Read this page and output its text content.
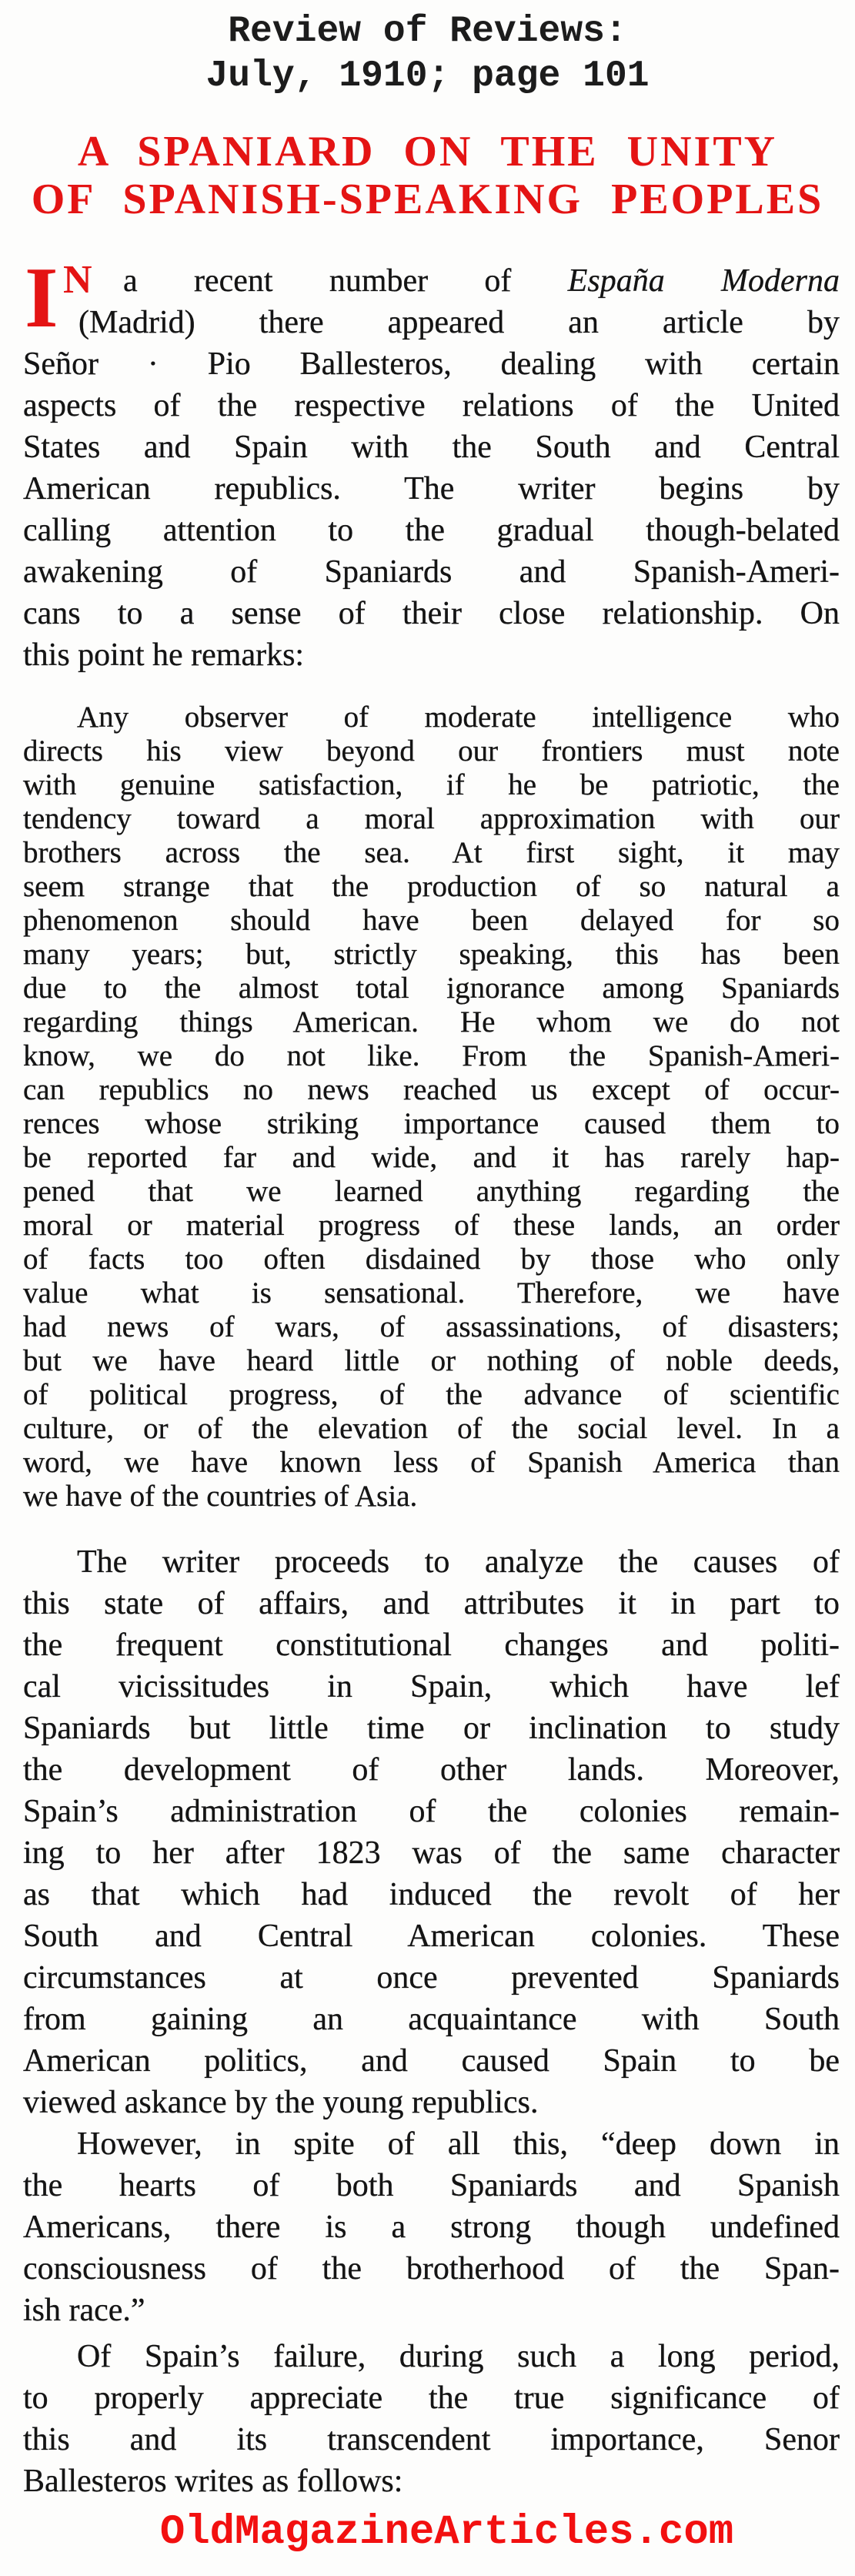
Review of Reviews:
July, 1910; page 101
A SPANIARD ON THE UNITY
OF SPANISH-SPEAKING PEOPLES
I N a recent number of España Moderna
(Madrid) there appeared an article by
Señor · Pio Ballesteros, dealing with certain
aspects of the respective relations of the United
States and Spain with the South and Central
American republics. The writer begins by
calling attention to the gradual though-belated
awakening of Spaniards and Spanish-Ameri-
cans to a sense of their close relationship. On
this point he remarks:
Any observer of moderate intelligence who
directs his view beyond our frontiers must note
with genuine satisfaction, if he be patriotic, the
tendency toward a moral approximation with our
brothers across the sea. At first sight, it may
seem strange that the production of so natural a
phenomenon should have been delayed for so
many years; but, strictly speaking, this has been
due to the almost total ignorance among Spaniards
regarding things American. He whom we do not
know, we do not like. From the Spanish-Ameri-
can republics no news reached us except of occur-
rences whose striking importance caused them to
be reported far and wide, and it has rarely hap-
pened that we learned anything regarding the
moral or material progress of these lands, an order
of facts too often disdained by those who only
value what is sensational. Therefore, we have
had news of wars, of assassinations, of disasters;
but we have heard little or nothing of noble deeds,
of political progress, of the advance of scientific
culture, or of the elevation of the social level. In a
word, we have known less of Spanish America than
we have of the countries of Asia.
The writer proceeds to analyze the causes of
this state of affairs, and attributes it in part to
the frequent constitutional changes and politi-
cal vicissitudes in Spain, which have lef
Spaniards but little time or inclination to study
the development of other lands. Moreover,
Spain’s administration of the colonies remain-
ing to her after 1823 was of the same character
as that which had induced the revolt of her
South and Central American colonies. These
circumstances at once prevented Spaniards
from gaining an acquaintance with South
American politics, and caused Spain to be
viewed askance by the young republics.
However, in spite of all this, “deep down in
the hearts of both Spaniards and Spanish
Americans, there is a strong though undefined
consciousness of the brotherhood of the Span-
ish race.”
Of Spain’s failure, during such a long period,
to properly appreciate the true significance of
this and its transcendent importance, Senor
Ballesteros writes as follows:
OldMagazineArticles.com
